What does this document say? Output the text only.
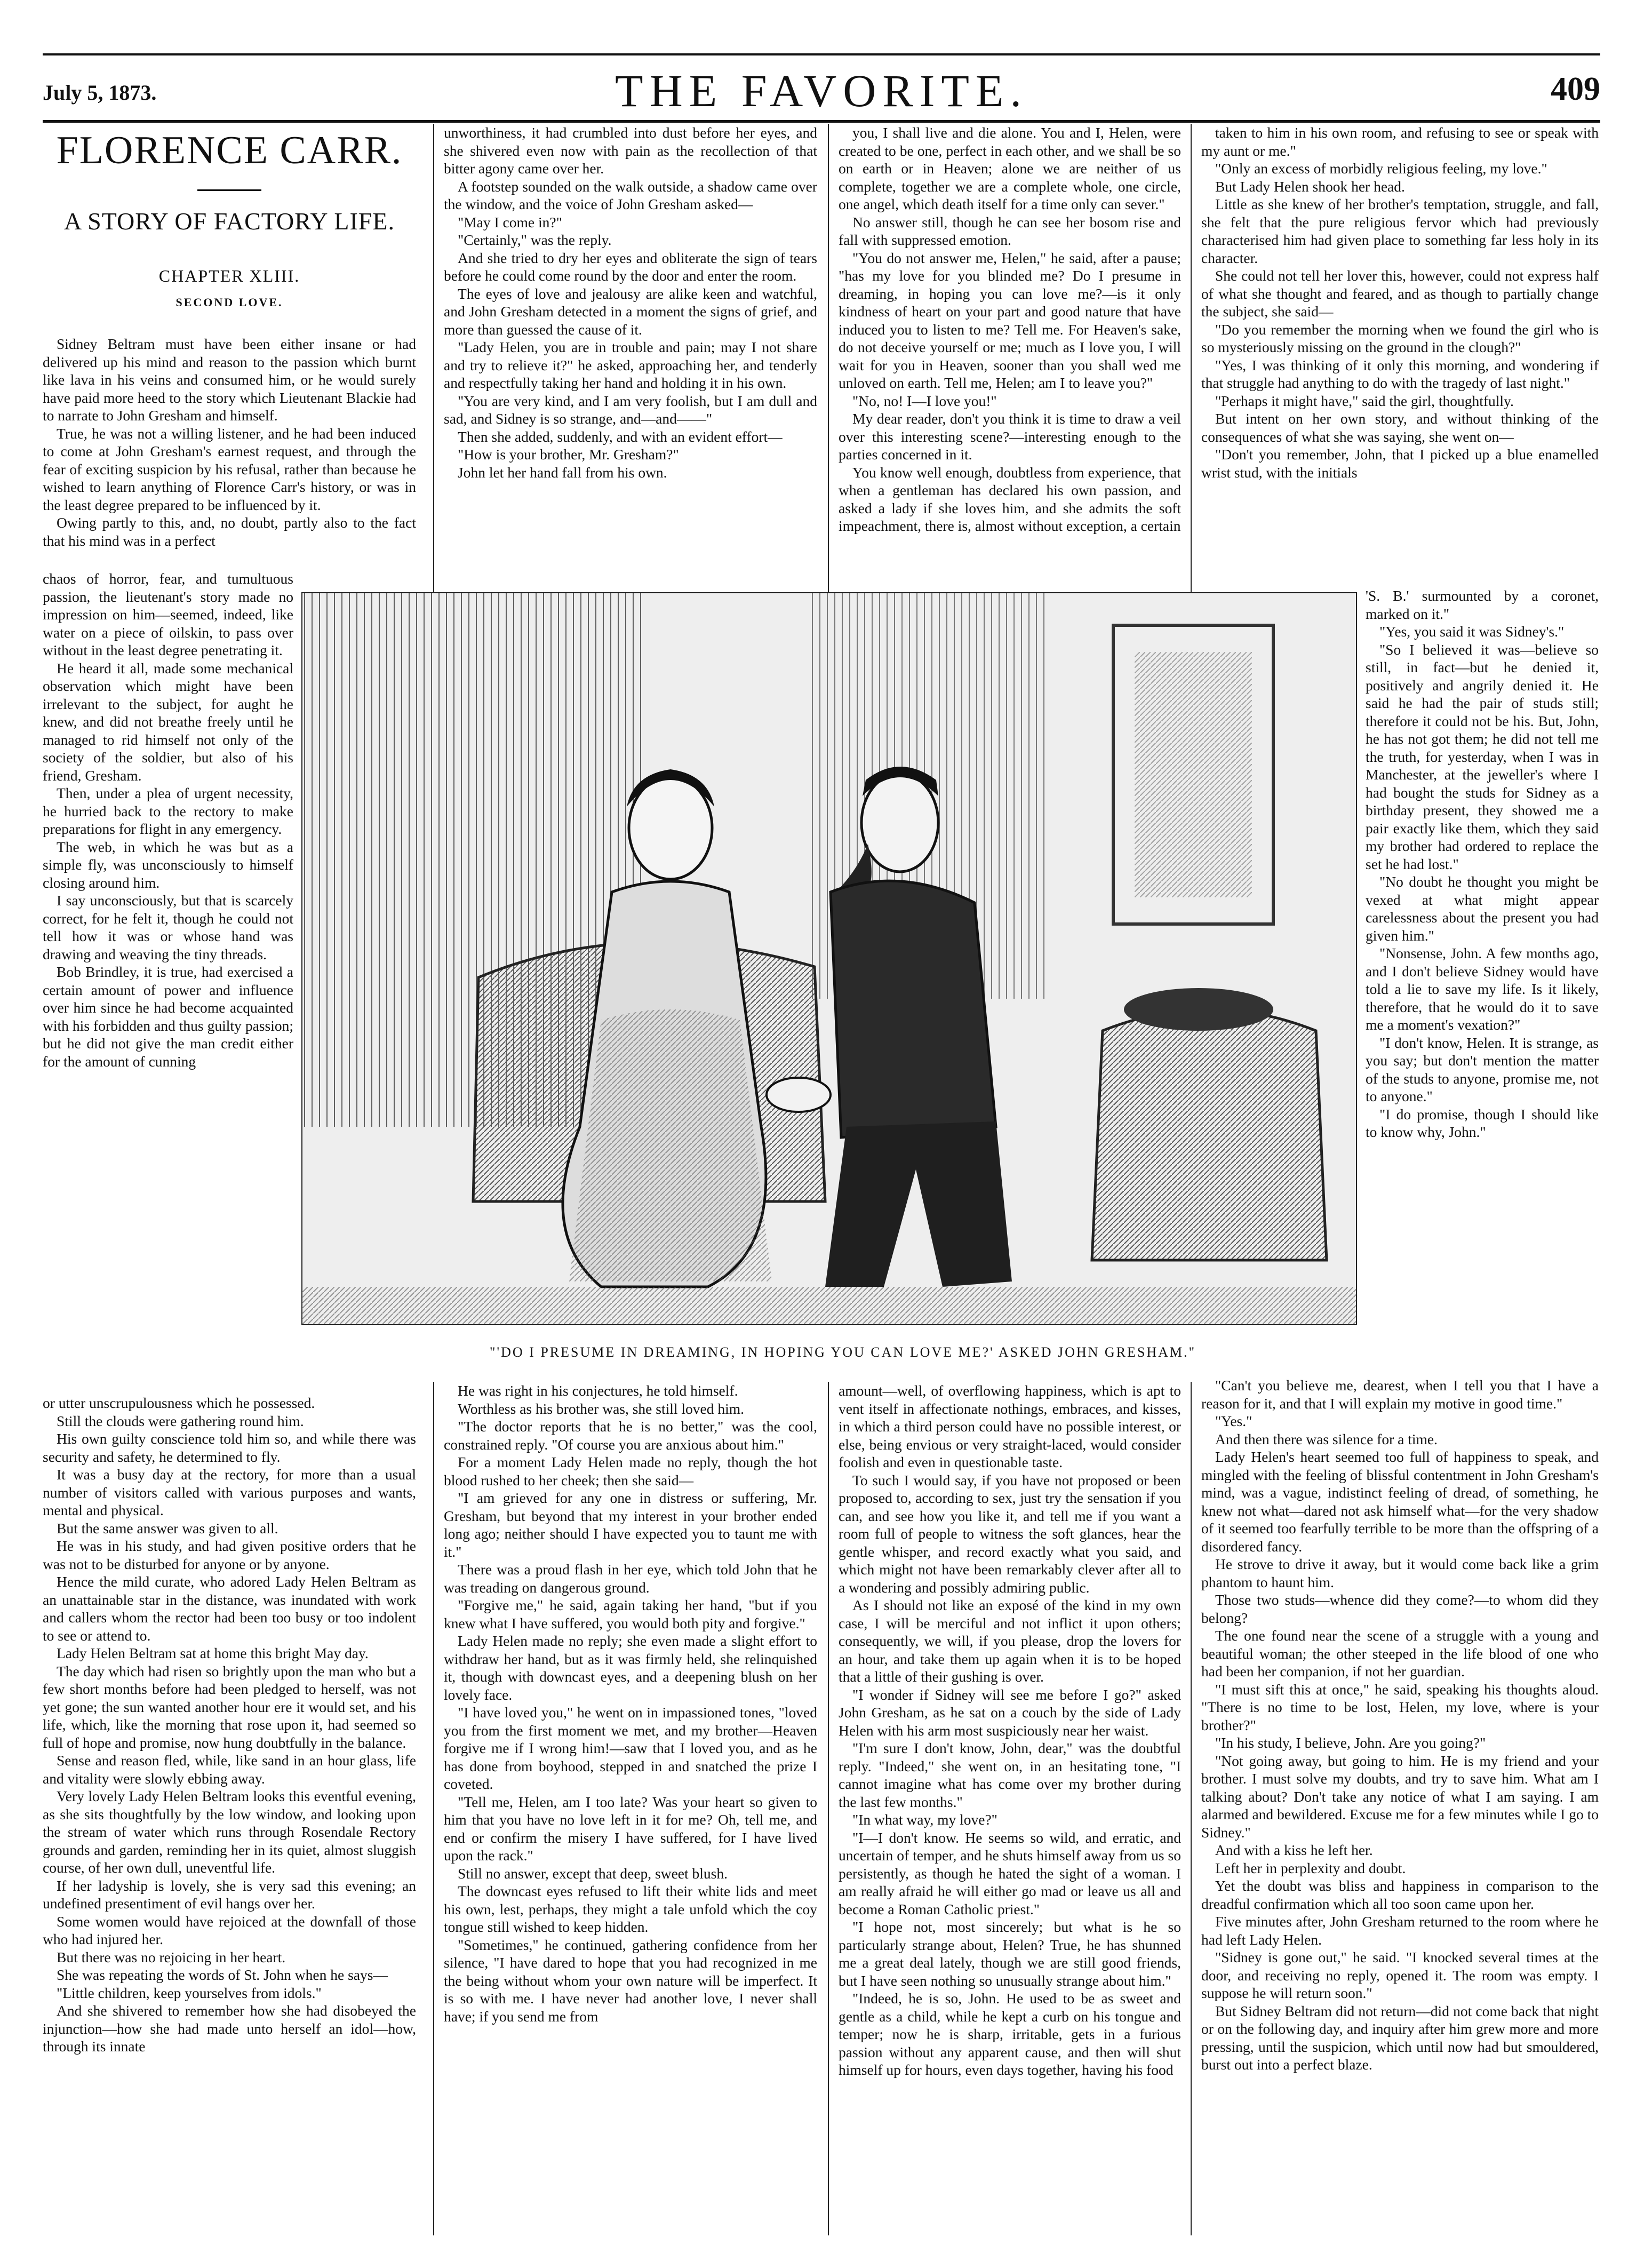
THE FAVORITE.
July 5, 1873.	409
FLORENCE CARR.
A STORY OF FACTORY LIFE.
CHAPTER XLIII.
SECOND LOVE.

Sidney Beltram must have been either insane or had delivered up his mind and reason to the passion which burnt like lava in his veins and consumed him, or he would surely have paid more heed to the story which Lieutenant Blackie had to narrate to John Gresham and himself.

True, he was not a willing listener, and he had been induced to come at John Gresham's earnest request, and through the fear of exciting suspicion by his refusal, rather than because he wished to learn anything of Florence Carr's history, or was in the least degree prepared to be influenced by it.

Owing partly to this, and, no doubt, partly also to the fact that his mind was in a perfect

chaos of horror, fear, and tumultuous passion, the lieutenant's story made no impression on him—seemed, indeed, like water on a piece of oilskin, to pass over without in the least degree penetrating it.

He heard it all, made some mechanical observation which might have been irrelevant to the subject, for aught he knew, and did not breathe freely until he managed to rid himself not only of the society of the soldier, but also of his friend, Gresham.

Then, under a plea of urgent necessity, he hurried back to the rectory to make preparations for flight in any emergency.

The web, in which he was but as a simple fly, was unconsciously to himself closing around him.

I say unconsciously, but that is scarcely correct, for he felt it, though he could not tell how it was or whose hand was drawing and weaving the tiny threads.

Bob Brindley, it is true, had exercised a certain amount of power and influence over him since he had become acquainted with his forbidden and thus guilty passion; but he did not give the man credit either for the amount of cunning

or utter unscrupulousness which he possessed.

Still the clouds were gathering round him.

His own guilty conscience told him so, and while there was security and safety, he determined to fly.

It was a busy day at the rectory, for more than a usual number of visitors called with various purposes and wants, mental and physical.

But the same answer was given to all.

He was in his study, and had given positive orders that he was not to be disturbed for anyone or by anyone.

Hence the mild curate, who adored Lady Helen Beltram as an unattainable star in the distance, was inundated with work and callers whom the rector had been too busy or too indolent to see or attend to.

Lady Helen Beltram sat at home this bright May day.

The day which had risen so brightly upon the man who but a few short months before had been pledged to herself, was not yet gone; the sun wanted another hour ere it would set, and his life, which, like the morning that rose upon it, had seemed so full of hope and promise, now hung doubtfully in the balance.

Sense and reason fled, while, like sand in an hour glass, life and vitality were slowly ebbing away.

Very lovely Lady Helen Beltram looks this eventful evening, as she sits thoughtfully by the low window, and looking upon the stream of water which runs through Rosendale Rectory grounds and garden, reminding her in its quiet, almost sluggish course, of her own dull, uneventful life.

If her ladyship is lovely, she is very sad this evening; an undefined presentiment of evil hangs over her.

Some women would have rejoiced at the downfall of those who had injured her.

But there was no rejoicing in her heart.

She was repeating the words of St. John when he says—

"Little children, keep yourselves from idols."

And she shivered to remember how she had disobeyed the injunction—how she had made unto herself an idol—how, through its innate

unworthiness, it had crumbled into dust before her eyes, and she shivered even now with pain as the recollection of that bitter agony came over her.

A footstep sounded on the walk outside, a shadow came over the window, and the voice of John Gresham asked—

"May I come in?"

"Certainly," was the reply.

And she tried to dry her eyes and obliterate the sign of tears before he could come round by the door and enter the room.

The eyes of love and jealousy are alike keen and watchful, and John Gresham detected in a moment the signs of grief, and more than guessed the cause of it.

"Lady Helen, you are in trouble and pain; may I not share and try to relieve it?" he asked, approaching her, and tenderly and respectfully taking her hand and holding it in his own.

"You are very kind, and I am very foolish, but I am dull and sad, and Sidney is so strange, and—and——"

Then she added, suddenly, and with an evident effort—

"How is your brother, Mr. Gresham?"

John let her hand fall from his own.

He was right in his conjectures, he told himself.

Worthless as his brother was, she still loved him.

"The doctor reports that he is no better," was the cool, constrained reply. "Of course you are anxious about him."

For a moment Lady Helen made no reply, though the hot blood rushed to her cheek; then she said—

"I am grieved for any one in distress or suffering, Mr. Gresham, but beyond that my interest in your brother ended long ago; neither should I have expected you to taunt me with it."

There was a proud flash in her eye, which told John that he was treading on dangerous ground.

"Forgive me," he said, again taking her hand, "but if you knew what I have suffered, you would both pity and forgive."

Lady Helen made no reply; she even made a slight effort to withdraw her hand, but as it was firmly held, she relinquished it, though with downcast eyes, and a deepening blush on her lovely face.

"I have loved you," he went on in impassioned tones, "loved you from the first moment we met, and my brother—Heaven forgive me if I wrong him!—saw that I loved you, and as he has done from boyhood, stepped in and snatched the prize I coveted.

"Tell me, Helen, am I too late? Was your heart so given to him that you have no love left in it for me? Oh, tell me, and end or confirm the misery I have suffered, for I have lived upon the rack."

Still no answer, except that deep, sweet blush.

The downcast eyes refused to lift their white lids and meet his own, lest, perhaps, they might a tale unfold which the coy tongue still wished to keep hidden.

"Sometimes," he continued, gathering confidence from her silence, "I have dared to hope that you had recognized in me the being without whom your own nature will be imperfect. It is so with me. I have never had another love, I never shall have; if you send me from

you, I shall live and die alone. You and I, Helen, were created to be one, perfect in each other, and we shall be so on earth or in Heaven; alone we are neither of us complete, together we are a complete whole, one circle, one angel, which death itself for a time only can sever."

No answer still, though he can see her bosom rise and fall with suppressed emotion.

"You do not answer me, Helen," he said, after a pause; "has my love for you blinded me? Do I presume in dreaming, in hoping you can love me?—is it only kindness of heart on your part and good nature that have induced you to listen to me? Tell me. For Heaven's sake, do not deceive yourself or me; much as I love you, I will wait for you in Heaven, sooner than you shall wed me unloved on earth. Tell me, Helen; am I to leave you?"

"No, no! I—I love you!"

My dear reader, don't you think it is time to draw a veil over this interesting scene?—interesting enough to the parties concerned in it.

You know well enough, doubtless from experience, that when a gentleman has declared his own passion, and asked a lady if she loves him, and she admits the soft impeachment, there is, almost without exception, a certain

amount—well, of overflowing happiness, which is apt to vent itself in affectionate nothings, embraces, and kisses, in which a third person could have no possible interest, or else, being envious or very straight-laced, would consider foolish and even in questionable taste.

To such I would say, if you have not proposed or been proposed to, according to sex, just try the sensation if you can, and see how you like it, and tell me if you want a room full of people to witness the soft glances, hear the gentle whisper, and record exactly what you said, and which might not have been remarkably clever after all to a wondering and possibly admiring public.

As I should not like an exposé of the kind in my own case, I will be merciful and not inflict it upon others; consequently, we will, if you please, drop the lovers for an hour, and take them up again when it is to be hoped that a little of their gushing is over.

"I wonder if Sidney will see me before I go?" asked John Gresham, as he sat on a couch by the side of Lady Helen with his arm most suspiciously near her waist.

"I'm sure I don't know, John, dear," was the doubtful reply. "Indeed," she went on, in an hesitating tone, "I cannot imagine what has come over my brother during the last few months."

"In what way, my love?"

"I—I don't know. He seems so wild, and erratic, and uncertain of temper, and he shuts himself away from us so persistently, as though he hated the sight of a woman. I am really afraid he will either go mad or leave us all and become a Roman Catholic priest."

"I hope not, most sincerely; but what is he so particularly strange about, Helen? True, he has shunned me a great deal lately, though we are still good friends, but I have seen nothing so unusually strange about him."

"Indeed, he is so, John. He used to be as sweet and gentle as a child, while he kept a curb on his tongue and temper; now he is sharp, irritable, gets in a furious passion without any apparent cause, and then will shut himself up for hours, even days together, having his food

taken to him in his own room, and refusing to see or speak with my aunt or me."

"Only an excess of morbidly religious feeling, my love."

But Lady Helen shook her head.

Little as she knew of her brother's temptation, struggle, and fall, she felt that the pure religious fervor which had previously characterised him had given place to something far less holy in its character.

She could not tell her lover this, however, could not express half of what she thought and feared, and as though to partially change the subject, she said—

"Do you remember the morning when we found the girl who is so mysteriously missing on the ground in the clough?"

"Yes, I was thinking of it only this morning, and wondering if that struggle had anything to do with the tragedy of last night."

"Perhaps it might have," said the girl, thoughtfully.

But intent on her own story, and without thinking of the consequences of what she was saying, she went on—

"Don't you remember, John, that I picked up a blue enamelled wrist stud, with the initials

'S. B.' surmounted by a coronet, marked on it."

"Yes, you said it was Sidney's."

"So I believed it was—believe so still, in fact—but he denied it, positively and angrily denied it. He said he had the pair of studs still; therefore it could not be his. But, John, he has not got them; he did not tell me the truth, for yesterday, when I was in Manchester, at the jeweller's where I had bought the studs for Sidney as a birthday present, they showed me a pair exactly like them, which they said my brother had ordered to replace the set he had lost."

"No doubt he thought you might be vexed at what might appear carelessness about the present you had given him."

"Nonsense, John. A few months ago, and I don't believe Sidney would have told a lie to save my life. Is it likely, therefore, that he would do it to save me a moment's vexation?"

"I don't know, Helen. It is strange, as you say; but don't mention the matter of the studs to anyone, promise me, not to anyone."

"I do promise, though I should like to know why, John."

"Can't you believe me, dearest, when I tell you that I have a reason for it, and that I will explain my motive in good time."

"Yes."

And then there was silence for a time.

Lady Helen's heart seemed too full of happiness to speak, and mingled with the feeling of blissful contentment in John Gresham's mind, was a vague, indistinct feeling of dread, of something, he knew not what—dared not ask himself what—for the very shadow of it seemed too fearfully terrible to be more than the offspring of a disordered fancy.

He strove to drive it away, but it would come back like a grim phantom to haunt him.

Those two studs—whence did they come?—to whom did they belong?

The one found near the scene of a struggle with a young and beautiful woman; the other steeped in the life blood of one who had been her companion, if not her guardian.

"I must sift this at once," he said, speaking his thoughts aloud. "There is no time to be lost, Helen, my love, where is your brother?"

"In his study, I believe, John. Are you going?"

"Not going away, but going to him. He is my friend and your brother. I must solve my doubts, and try to save him. What am I talking about? Don't take any notice of what I am saying. I am alarmed and bewildered. Excuse me for a few minutes while I go to Sidney."

And with a kiss he left her.

Left her in perplexity and doubt.

Yet the doubt was bliss and happiness in comparison to the dreadful confirmation which all too soon came upon her.

Five minutes after, John Gresham returned to the room where he had left Lady Helen.

"Sidney is gone out," he said. "I knocked several times at the door, and receiving no reply, opened it. The room was empty. I suppose he will return soon."

But Sidney Beltram did not return—did not come back that night or on the following day, and inquiry after him grew more and more pressing, until the suspicion, which until now had but smouldered, burst out into a perfect blaze.

"'DO I PRESUME IN DREAMING, IN HOPING YOU CAN LOVE ME?' ASKED JOHN GRESHAM."
